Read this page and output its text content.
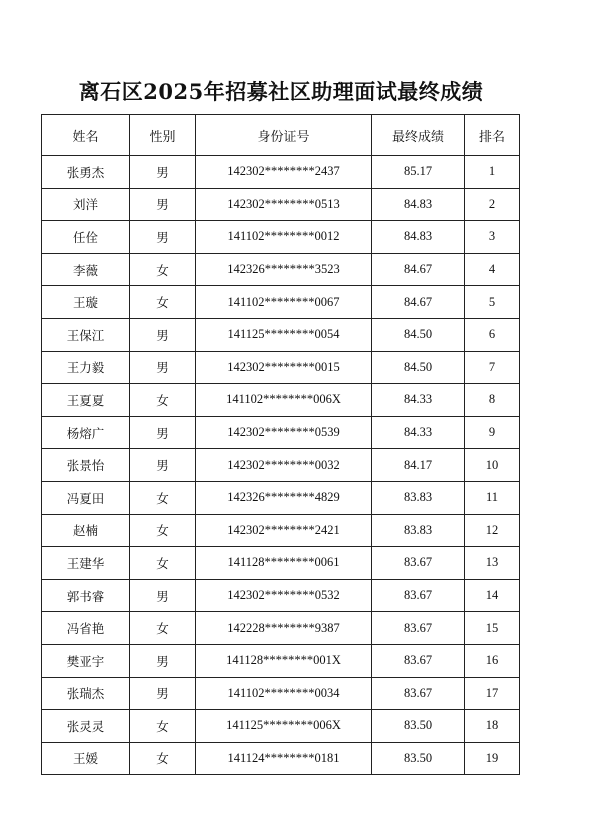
离石区2025年招募社区助理面试最终成绩
姓名	性别	身份证号	最终成绩	排名
张勇杰	男	142302********2437	85.17	1
刘洋	男	142302********0513	84.83	2
任佺	男	141102********0012	84.83	3
李薇	女	142326********3523	84.67	4
王璇	女	141102********0067	84.67	5
王保江	男	141125********0054	84.50	6
王力毅	男	142302********0015	84.50	7
王夏夏	女	141102********006X	84.33	8
杨熔广	男	142302********0539	84.33	9
张景怡	男	142302********0032	84.17	10
冯夏田	女	142326********4829	83.83	11
赵楠	女	142302********2421	83.83	12
王建华	女	141128********0061	83.67	13
郭书睿	男	142302********0532	83.67	14
冯省艳	女	142228********9387	83.67	15
樊亚宇	男	141128********001X	83.67	16
张瑞杰	男	141102********0034	83.67	17
张灵灵	女	141125********006X	83.50	18
王媛	女	141124********0181	83.50	19
